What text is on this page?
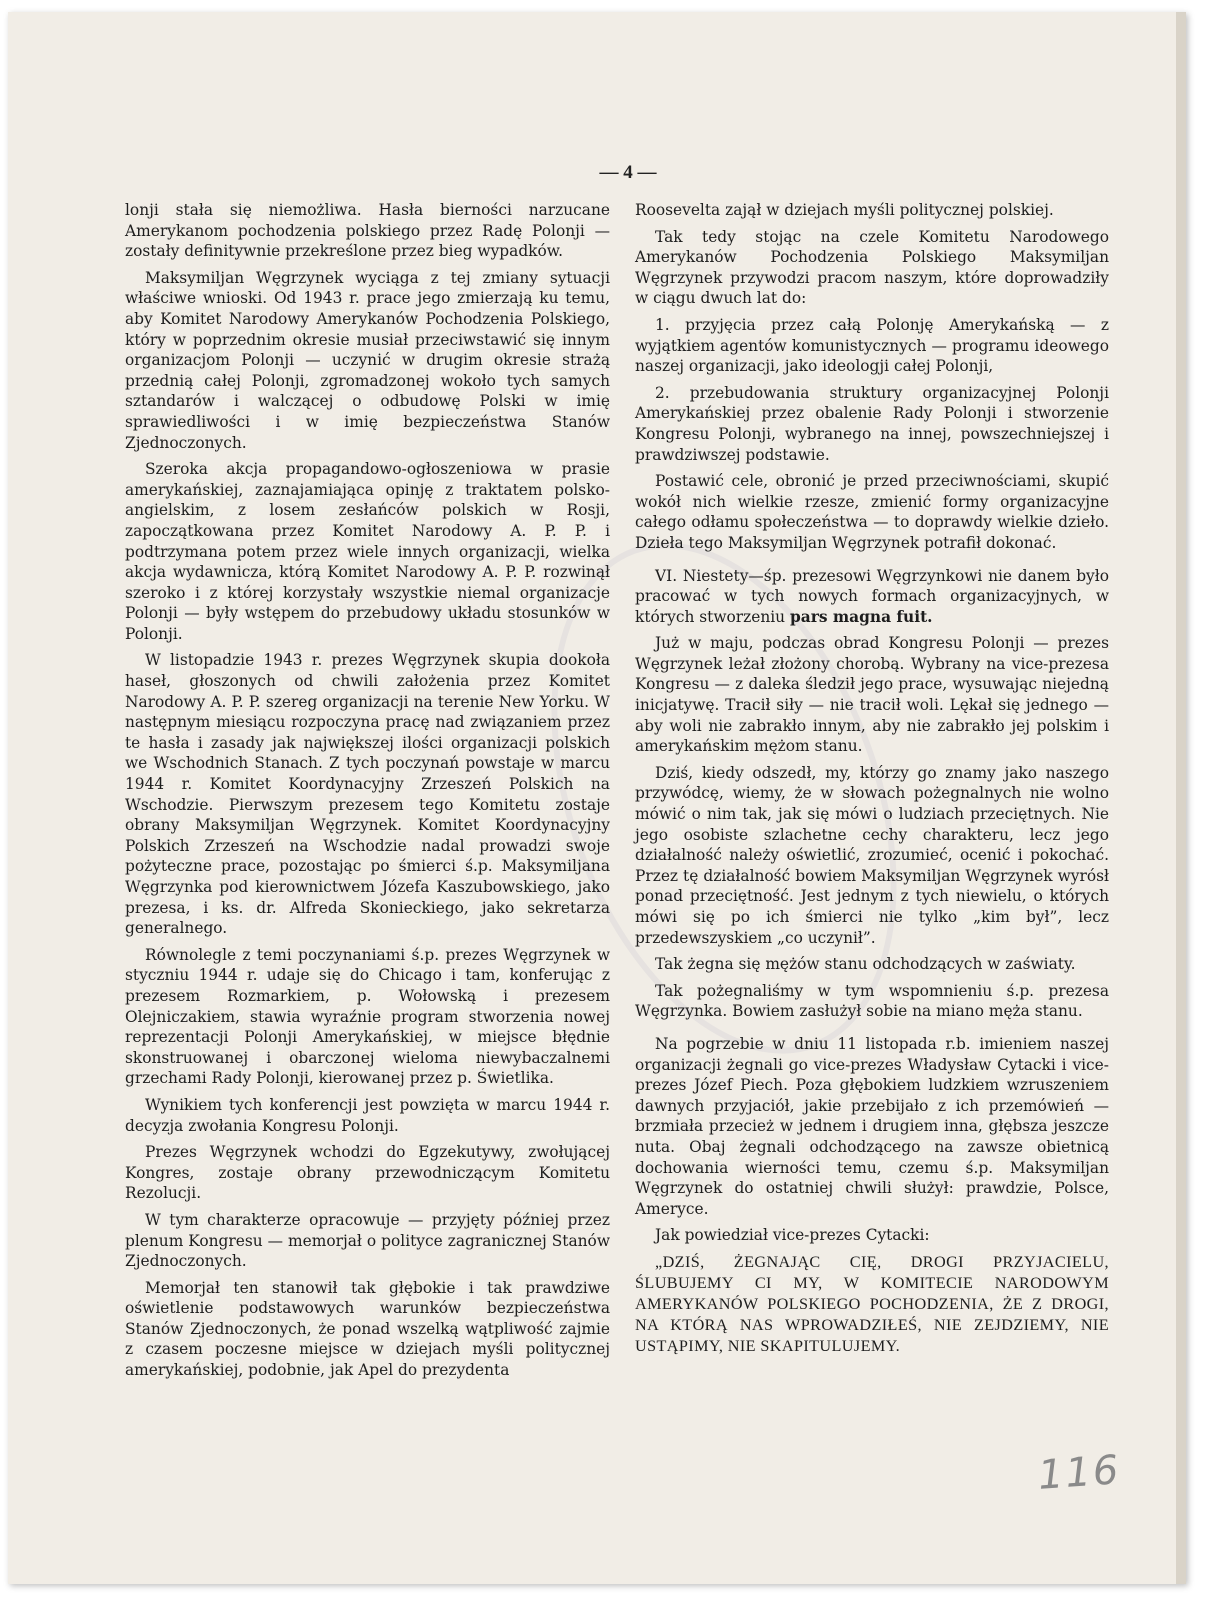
— 4 —

lonji stała się niemożliwa. Hasła bierności narzucane Amerykanom pochodzenia polskiego przez Radę Polonji — zostały definitywnie przekreślone przez bieg wypadków.

Maksymiljan Węgrzynek wyciąga z tej zmiany sytuacji właściwe wnioski. Od 1943 r. prace jego zmierzają ku temu, aby Komitet Narodowy Amerykanów Pochodzenia Polskiego, który w poprzednim okresie musiał przeciwstawić się innym organizacjom Polonji — uczynić w drugim okresie strażą przednią całej Polonji, zgromadzonej wokoło tych samych sztandarów i walczącej o odbudowę Polski w imię sprawiedliwości i w imię bezpieczeństwa Stanów Zjednoczonych.

Szeroka akcja propagandowo-ogłoszeniowa w prasie amerykańskiej, zaznajamiająca opinję z traktatem polsko-angielskim, z losem zesłańców polskich w Rosji, zapoczątkowana przez Komitet Narodowy A. P. P. i podtrzymana potem przez wiele innych organizacji, wielka akcja wydawnicza, którą Komitet Narodowy A. P. P. rozwinął szeroko i z której korzystały wszystkie niemal organizacje Polonji — były wstępem do przebudowy układu stosunków w Polonji.

W listopadzie 1943 r. prezes Węgrzynek skupia dookoła haseł, głoszonych od chwili założenia przez Komitet Narodowy A. P. P. szereg organizacji na terenie New Yorku. W następnym miesiącu rozpoczyna pracę nad związaniem przez te hasła i zasady jak największej ilości organizacji polskich we Wschodnich Stanach. Z tych poczynań powstaje w marcu 1944 r. Komitet Koordynacyjny Zrzeszeń Polskich na Wschodzie. Pierwszym prezesem tego Komitetu zostaje obrany Maksymiljan Węgrzynek. Komitet Koordynacyjny Polskich Zrzeszeń na Wschodzie nadal prowadzi swoje pożyteczne prace, pozostając po śmierci ś.p. Maksymiljana Węgrzynka pod kierownictwem Józefa Kaszubowskiego, jako prezesa, i ks. dr. Alfreda Skonieckiego, jako sekretarza generalnego.

Równolegle z temi poczynaniami ś.p. prezes Węgrzynek w styczniu 1944 r. udaje się do Chicago i tam, konferując z prezesem Rozmarkiem, p. Wołowską i prezesem Olejniczakiem, stawia wyraźnie program stworzenia nowej reprezentacji Polonji Amerykańskiej, w miejsce błędnie skonstruowanej i obarczonej wielomа niewybaczalnemi grzechami Rady Polonji, kierowanej przez p. Świetlika.

Wynikiem tych konferencji jest powzięta w marcu 1944 r. decyzja zwołania Kongresu Polonji.

Prezes Węgrzynek wchodzi do Egzekutywy, zwołującej Kongres, zostaje obrany przewodniczącym Komitetu Rezolucji.

W tym charakterze opracowuje — przyjęty później przez plenum Kongresu — memorjał o polityce zagranicznej Stanów Zjednoczonych.

Memorjał ten stanowił tak głębokie i tak prawdziwe oświetlenie podstawowych warunków bezpieczeństwa Stanów Zjednoczonych, że ponad wszelką wątpliwość zajmie z czasem poczesne miejsce w dziejach myśli politycznej amerykańskiej, podobnie, jak Apel do prezydenta

Roosevelta zajął w dziejach myśli politycznej polskiej.

Tak tedy stojąc na czele Komitetu Narodowego Amerykanów Pochodzenia Polskiego Maksymiljan Węgrzynek przywodzi pracom naszym, które doprowadziły w ciągu dwuch lat do:

1. przyjęcia przez całą Polonję Amerykańską — z wyjątkiem agentów komunistycznych — programu ideowego naszej organizacji, jako ideologji całej Polonji,

2. przebudowania struktury organizacyjnej Polonji Amerykańskiej przez obalenie Rady Polonji i stworzenie Kongresu Polonji, wybranego na innej, powszechniejszej i prawdziwszej podstawie.

Postawić cele, obronić je przed przeciwnościami, skupić wokół nich wielkie rzesze, zmienić formy organizacyjne całego odłamu społeczeństwa — to doprawdy wielkie dzieło. Dzieła tego Maksymiljan Węgrzynek potrafił dokonać.

VI. Niestety—śp. prezesowi Węgrzynkowi nie danem było pracować w tych nowych formach organizacyjnych, w których stworzeniu pars magna fuit.

Już w maju, podczas obrad Kongresu Polonji — prezes Węgrzynek leżał złożony chorobą. Wybrany na vice-prezesa Kongresu — z daleka śledził jego prace, wysuwając niejedną inicjatywę. Tracił siły — nie tracił woli. Lękał się jednego — aby woli nie zabrakło innym, aby nie zabrakło jej polskim i amerykańskim mężom stanu.

Dziś, kiedy odszedł, my, którzy go znamy jako naszego przywódcę, wiemy, że w słowach pożegnalnych nie wolno mówić o nim tak, jak się mówi o ludziach przeciętnych. Nie jego osobiste szlachetne cechy charakteru, lecz jego działalność należy oświetlić, zrozumieć, ocenić i pokochać. Przez tę działalność bowiem Maksymiljan Węgrzynek wyrósł ponad przeciętność. Jest jednym z tych niewielu, o których mówi się po ich śmierci nie tylko „kim był”, lecz przedewszyskiem „co uczynił”.

Tak żegna się mężów stanu odchodzących w zaświaty.

Tak pożegnaliśmy w tym wspomnieniu ś.p. prezesa Węgrzynka. Bowiem zasłużył sobie na miano męża stanu.

Na pogrzebie w dniu 11 listopada r.b. imieniem naszej organizacji żegnali go vice-prezes Władysław Cytacki i vice-prezes Józef Piech. Poza głębokiem ludzkiem wzruszeniem dawnych przyjaciół, jakie przebijało z ich przemówień — brzmiała przecież w jednem i drugiem inna, głębsza jeszcze nuta. Obaj żegnali odchodzącego na zawsze obietnicą dochowania wierności temu, czemu ś.p. Maksymiljan Węgrzynek do ostatniej chwili służył: prawdzie, Polsce, Ameryce.

Jak powiedział vice-prezes Cytacki:

„DZIŚ, ŻEGNAJĄC CIĘ, DROGI PRZYJACIELU, ŚLUBUJEMY CI MY, W KOMITECIE NARODOWYM AMERYKANÓW POLSKIEGO POCHODZENIA, ŻE Z DROGI, NA KTÓRĄ NAS WPROWADZIŁEŚ, NIE ZEJDZIEMY, NIE USTĄPIMY, NIE SKAPITULUJEMY.

116
